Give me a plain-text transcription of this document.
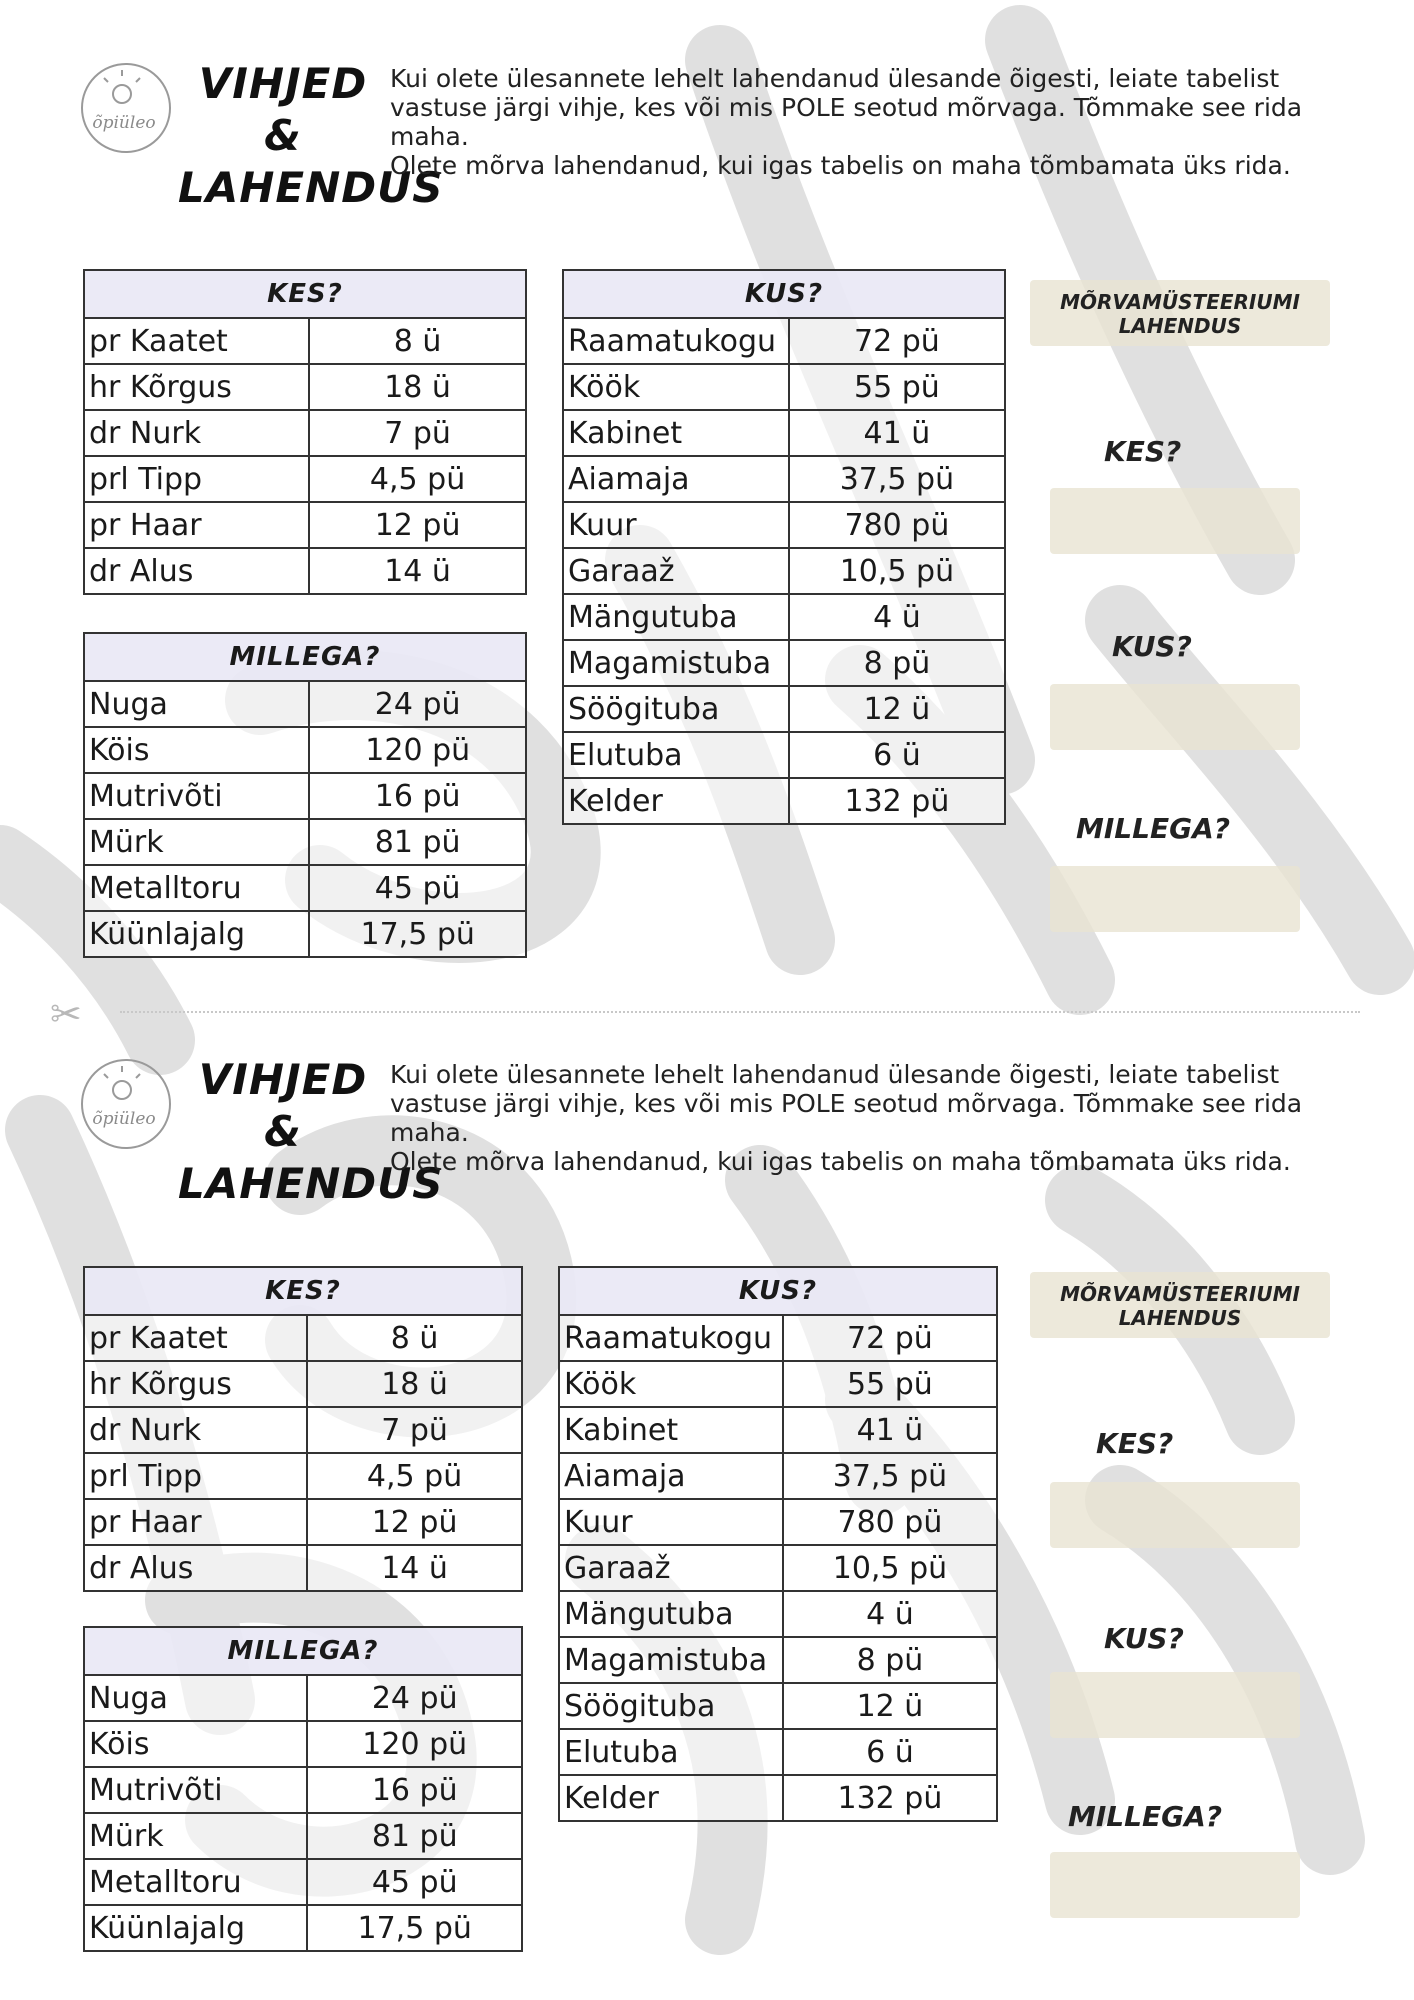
õpiüleo
VIHJED
&
LAHENDUS

Kui olete ülesannete lehelt lahendanud ülesande õigesti, leiate tabelist vastuse järgi vihje, kes või mis POLE seotud mõrvaga. Tõmmake see rida maha.

Olete mõrva lahendanud, kui igas tabelis on maha tõmbamata üks rida.

KES?	
pr Kaatet	8 ü
hr Kõrgus	18 ü
dr Nurk	7 pü
prl Tipp	4,5 pü
pr Haar	12 pü
dr Alus	14 ü
MILLEGA?	
Nuga	24 pü
Köis	120 pü
Mutrivõti	16 pü
Mürk	81 pü
Metalltoru	45 pü
Küünlajalg	17,5 pü
KUS?	
Raamatukogu	72 pü
Köök	55 pü
Kabinet	41 ü
Aiamaja	37,5 pü
Kuur	780 pü
Garaaž	10,5 pü
Mängutuba	4 ü
Magamistuba	8 pü
Söögituba	12 ü
Elutuba	6 ü
Kelder	132 pü
MÕRVAMÜSTEERIUMI
LAHENDUS
KES?
KUS?
MILLEGA?
✂
õpiüleo
VIHJED
&
LAHENDUS

Kui olete ülesannete lehelt lahendanud ülesande õigesti, leiate tabelist vastuse järgi vihje, kes või mis POLE seotud mõrvaga. Tõmmake see rida maha.

Olete mõrva lahendanud, kui igas tabelis on maha tõmbamata üks rida.

KES?	
pr Kaatet	8 ü
hr Kõrgus	18 ü
dr Nurk	7 pü
prl Tipp	4,5 pü
pr Haar	12 pü
dr Alus	14 ü
MILLEGA?	
Nuga	24 pü
Köis	120 pü
Mutrivõti	16 pü
Mürk	81 pü
Metalltoru	45 pü
Küünlajalg	17,5 pü
KUS?	
Raamatukogu	72 pü
Köök	55 pü
Kabinet	41 ü
Aiamaja	37,5 pü
Kuur	780 pü
Garaaž	10,5 pü
Mängutuba	4 ü
Magamistuba	8 pü
Söögituba	12 ü
Elutuba	6 ü
Kelder	132 pü
MÕRVAMÜSTEERIUMI
LAHENDUS
KES?
KUS?
MILLEGA?
